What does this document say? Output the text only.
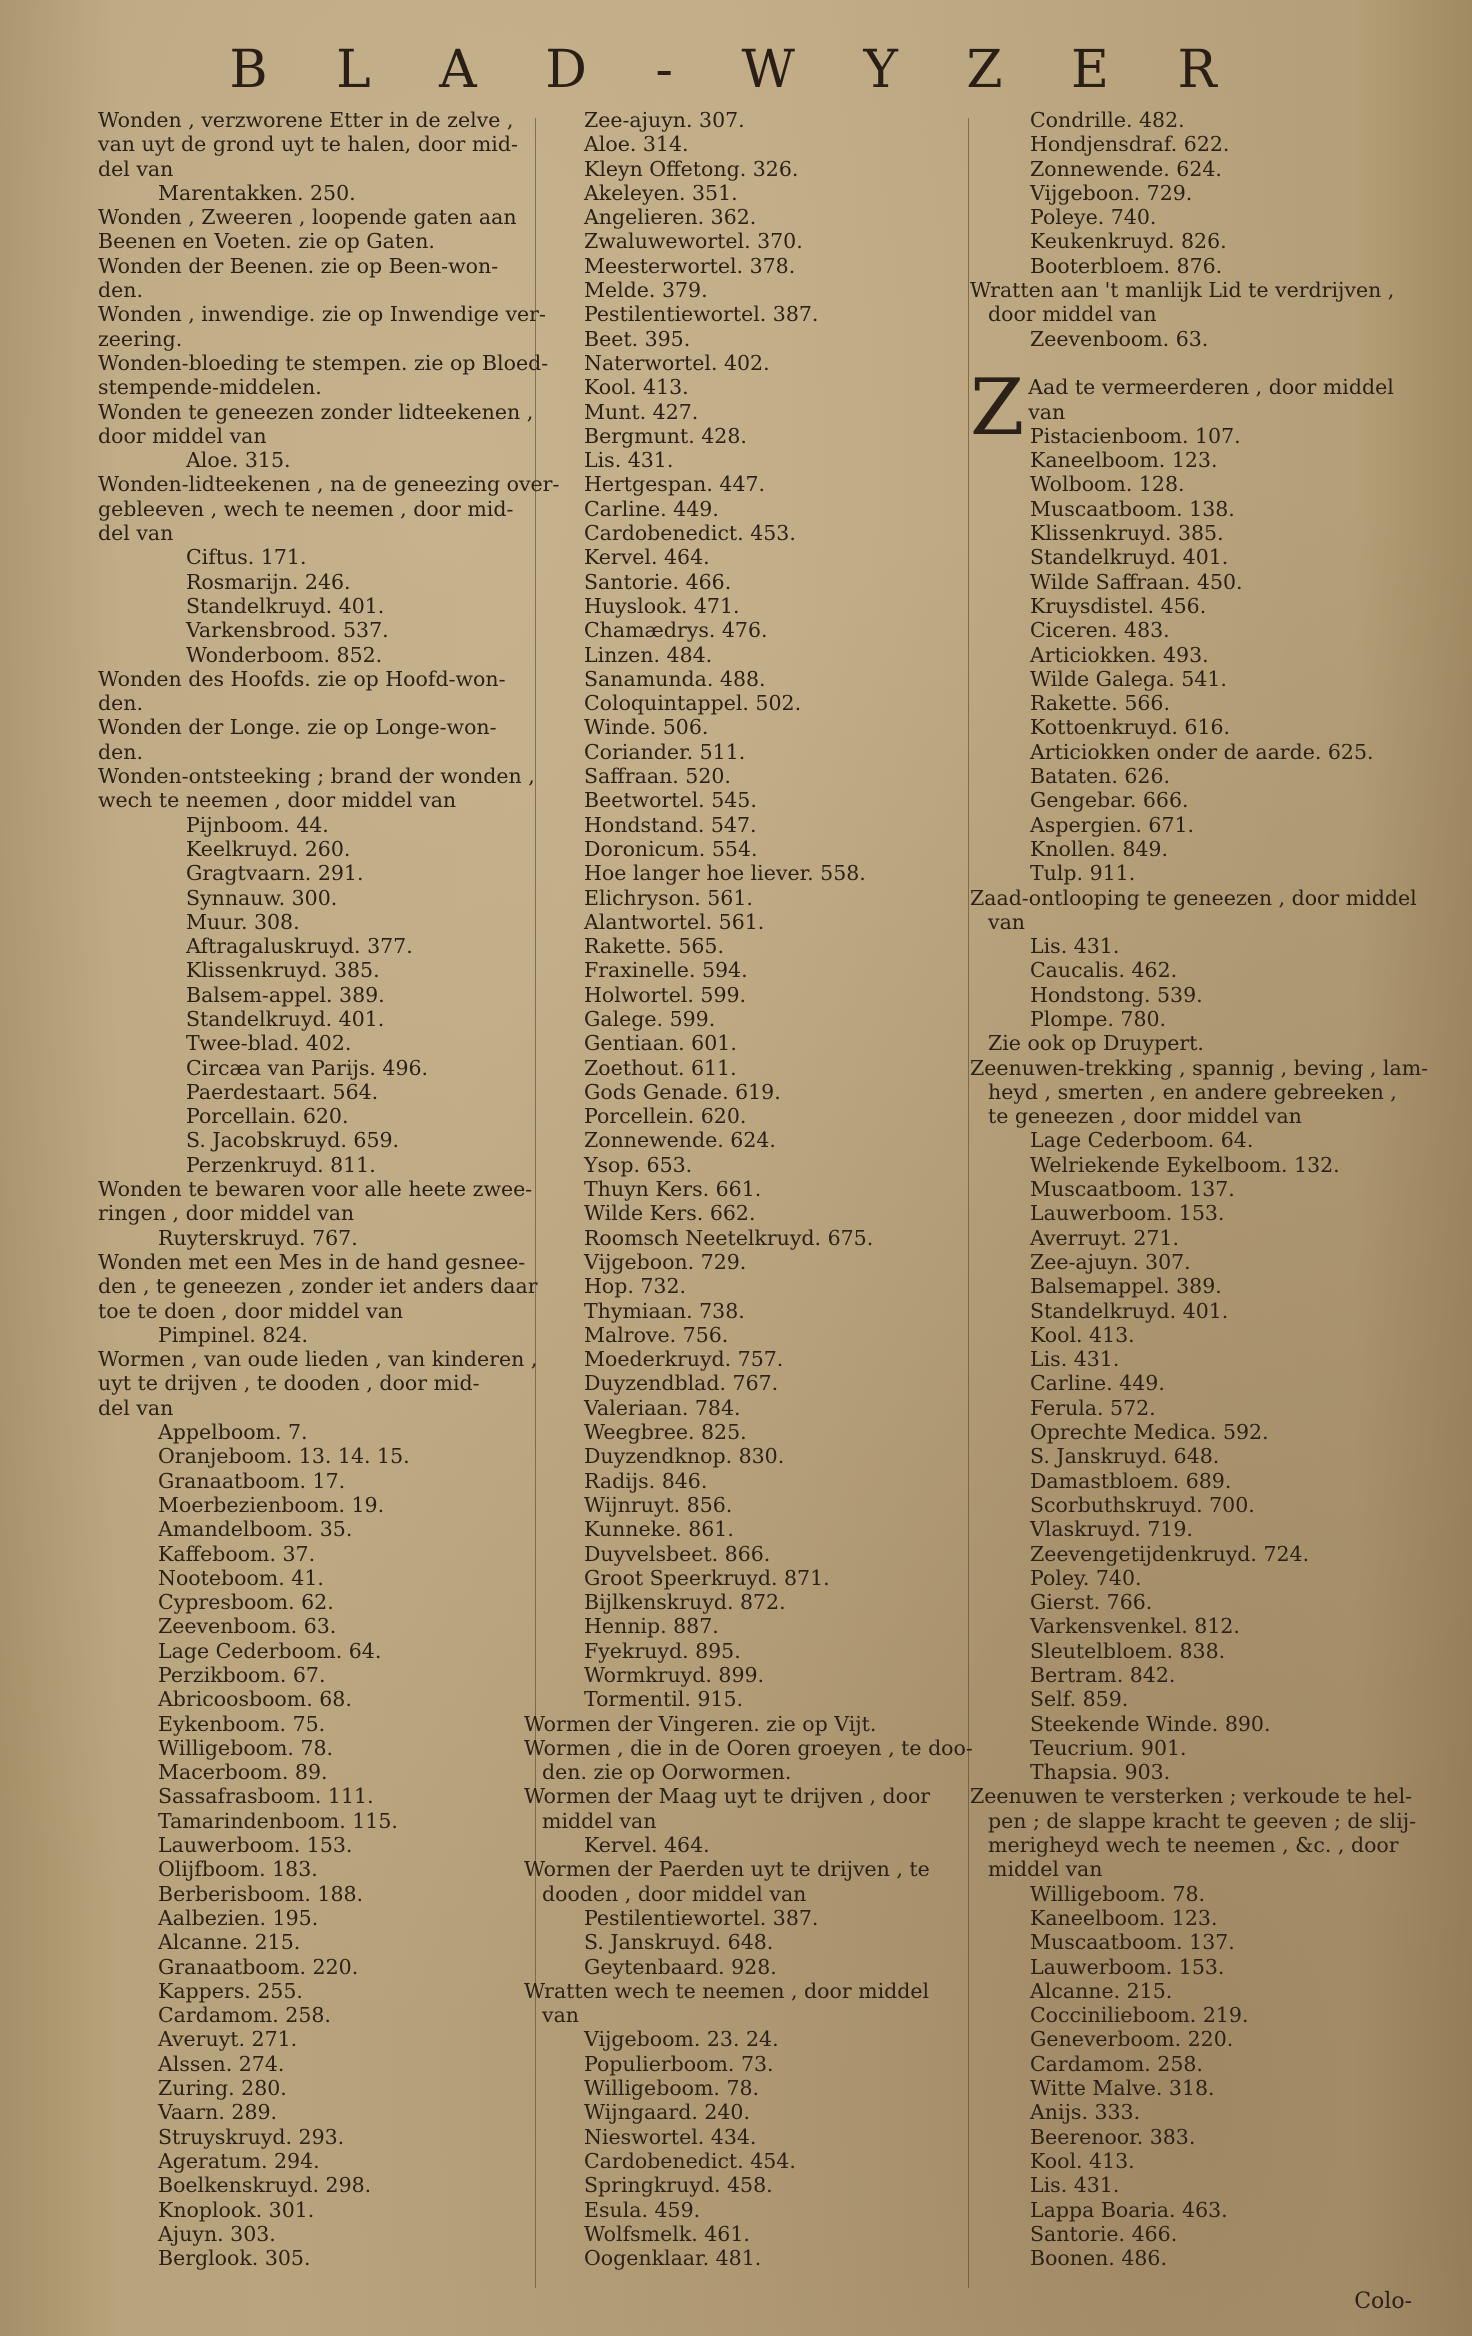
B L A D - W Y Z E R
Wonden , verzworene Etter in de zelve ,
van uyt de grond uyt te halen, door mid-
del van
Marentakken. 250.
Wonden , Zweeren , loopende gaten aan
Beenen en Voeten. zie op Gaten.
Wonden der Beenen. zie op Been-won-
den.
Wonden , inwendige. zie op Inwendige ver-
zeering.
Wonden-bloeding te stempen. zie op Bloed-
stempende-middelen.
Wonden te geneezen zonder lidteekenen ,
door middel van
Aloe. 315.
Wonden-lidteekenen , na de geneezing over-
gebleeven , wech te neemen , door mid-
del van
Ciftus. 171.
Rosmarijn. 246.
Standelkruyd. 401.
Varkensbrood. 537.
Wonderboom. 852.
Wonden des Hoofds. zie op Hoofd-won-
den.
Wonden der Longe. zie op Longe-won-
den.
Wonden-ontsteeking ; brand der wonden ,
wech te neemen , door middel van
Pijnboom. 44.
Keelkruyd. 260.
Gragtvaarn. 291.
Synnauw. 300.
Muur. 308.
Aftragaluskruyd. 377.
Klissenkruyd. 385.
Balsem-appel. 389.
Standelkruyd. 401.
Twee-blad. 402.
Circæa van Parijs. 496.
Paerdestaart. 564.
Porcellain. 620.
S. Jacobskruyd. 659.
Perzenkruyd. 811.
Wonden te bewaren voor alle heete zwee-
ringen , door middel van
Ruyterskruyd. 767.
Wonden met een Mes in de hand gesnee-
den , te geneezen , zonder iet anders daar
toe te doen , door middel van
Pimpinel. 824.
Wormen , van oude lieden , van kinderen ,
uyt te drijven , te dooden , door mid-
del van
Appelboom. 7.
Oranjeboom. 13. 14. 15.
Granaatboom. 17.
Moerbezienboom. 19.
Amandelboom. 35.
Kaffeboom. 37.
Nooteboom. 41.
Cypresboom. 62.
Zeevenboom. 63.
Lage Cederboom. 64.
Perzikboom. 67.
Abricoosboom. 68.
Eykenboom. 75.
Willigeboom. 78.
Macerboom. 89.
Sassafrasboom. 111.
Tamarindenboom. 115.
Lauwerboom. 153.
Olijfboom. 183.
Berberisboom. 188.
Aalbezien. 195.
Alcanne. 215.
Granaatboom. 220.
Kappers. 255.
Cardamom. 258.
Averuyt. 271.
Alssen. 274.
Zuring. 280.
Vaarn. 289.
Struyskruyd. 293.
Ageratum. 294.
Boelkenskruyd. 298.
Knoplook. 301.
Ajuyn. 303.
Berglook. 305.
Zee-ajuyn. 307.
Aloe. 314.
Kleyn Offetong. 326.
Akeleyen. 351.
Angelieren. 362.
Zwaluwewortel. 370.
Meesterwortel. 378.
Melde. 379.
Pestilentiewortel. 387.
Beet. 395.
Naterwortel. 402.
Kool. 413.
Munt. 427.
Bergmunt. 428.
Lis. 431.
Hertgespan. 447.
Carline. 449.
Cardobenedict. 453.
Kervel. 464.
Santorie. 466.
Huyslook. 471.
Chamædrys. 476.
Linzen. 484.
Sanamunda. 488.
Coloquintappel. 502.
Winde. 506.
Coriander. 511.
Saffraan. 520.
Beetwortel. 545.
Hondstand. 547.
Doronicum. 554.
Hoe langer hoe liever. 558.
Elichryson. 561.
Alantwortel. 561.
Rakette. 565.
Fraxinelle. 594.
Holwortel. 599.
Galege. 599.
Gentiaan. 601.
Zoethout. 611.
Gods Genade. 619.
Porcellein. 620.
Zonnewende. 624.
Ysop. 653.
Thuyn Kers. 661.
Wilde Kers. 662.
Roomsch Neetelkruyd. 675.
Vijgeboon. 729.
Hop. 732.
Thymiaan. 738.
Malrove. 756.
Moederkruyd. 757.
Duyzendblad. 767.
Valeriaan. 784.
Weegbree. 825.
Duyzendknop. 830.
Radijs. 846.
Wijnruyt. 856.
Kunneke. 861.
Duyvelsbeet. 866.
Groot Speerkruyd. 871.
Bijlkenskruyd. 872.
Hennip. 887.
Fyekruyd. 895.
Wormkruyd. 899.
Tormentil. 915.
Wormen der Vingeren. zie op Vijt.
Wormen , die in de Ooren groeyen , te doo-
den. zie op Oorwormen.
Wormen der Maag uyt te drijven , door
middel van
Kervel. 464.
Wormen der Paerden uyt te drijven , te
dooden , door middel van
Pestilentiewortel. 387.
S. Janskruyd. 648.
Geytenbaard. 928.
Wratten wech te neemen , door middel
van
Vijgeboom. 23. 24.
Populierboom. 73.
Willigeboom. 78.
Wijngaard. 240.
Nieswortel. 434.
Cardobenedict. 454.
Springkruyd. 458.
Esula. 459.
Wolfsmelk. 461.
Oogenklaar. 481.
Condrille. 482.
Hondjensdraf. 622.
Zonnewende. 624.
Vijgeboon. 729.
Poleye. 740.
Keukenkruyd. 826.
Booterbloem. 876.
Wratten aan 't manlijk Lid te verdrijven ,
door middel van
Zeevenboom. 63.
Z Aad te vermeerderen , door middel
van
Pistacienboom. 107.
Kaneelboom. 123.
Wolboom. 128.
Muscaatboom. 138.
Klissenkruyd. 385.
Standelkruyd. 401.
Wilde Saffraan. 450.
Kruysdistel. 456.
Ciceren. 483.
Articiokken. 493.
Wilde Galega. 541.
Rakette. 566.
Kottoenkruyd. 616.
Articiokken onder de aarde. 625.
Bataten. 626.
Gengebar. 666.
Aspergien. 671.
Knollen. 849.
Tulp. 911.
Zaad-ontlooping te geneezen , door middel
van
Lis. 431.
Caucalis. 462.
Hondstong. 539.
Plompe. 780.
Zie ook op Druypert.
Zeenuwen-trekking , spannig , beving , lam-
heyd , smerten , en andere gebreeken ,
te geneezen , door middel van
Lage Cederboom. 64.
Welriekende Eykelboom. 132.
Muscaatboom. 137.
Lauwerboom. 153.
Averruyt. 271.
Zee-ajuyn. 307.
Balsemappel. 389.
Standelkruyd. 401.
Kool. 413.
Lis. 431.
Carline. 449.
Ferula. 572.
Oprechte Medica. 592.
S. Janskruyd. 648.
Damastbloem. 689.
Scorbuthskruyd. 700.
Vlaskruyd. 719.
Zeevengetijdenkruyd. 724.
Poley. 740.
Gierst. 766.
Varkensvenkel. 812.
Sleutelbloem. 838.
Bertram. 842.
Self. 859.
Steekende Winde. 890.
Teucrium. 901.
Thapsia. 903.
Zeenuwen te versterken ; verkoude te hel-
pen ; de slappe kracht te geeven ; de slij-
merigheyd wech te neemen , &c. , door
middel van
Willigeboom. 78.
Kaneelboom. 123.
Muscaatboom. 137.
Lauwerboom. 153.
Alcanne. 215.
Coccinilieboom. 219.
Geneverboom. 220.
Cardamom. 258.
Witte Malve. 318.
Anijs. 333.
Beerenoor. 383.
Kool. 413.
Lis. 431.
Lappa Boaria. 463.
Santorie. 466.
Boonen. 486.
Colo-
